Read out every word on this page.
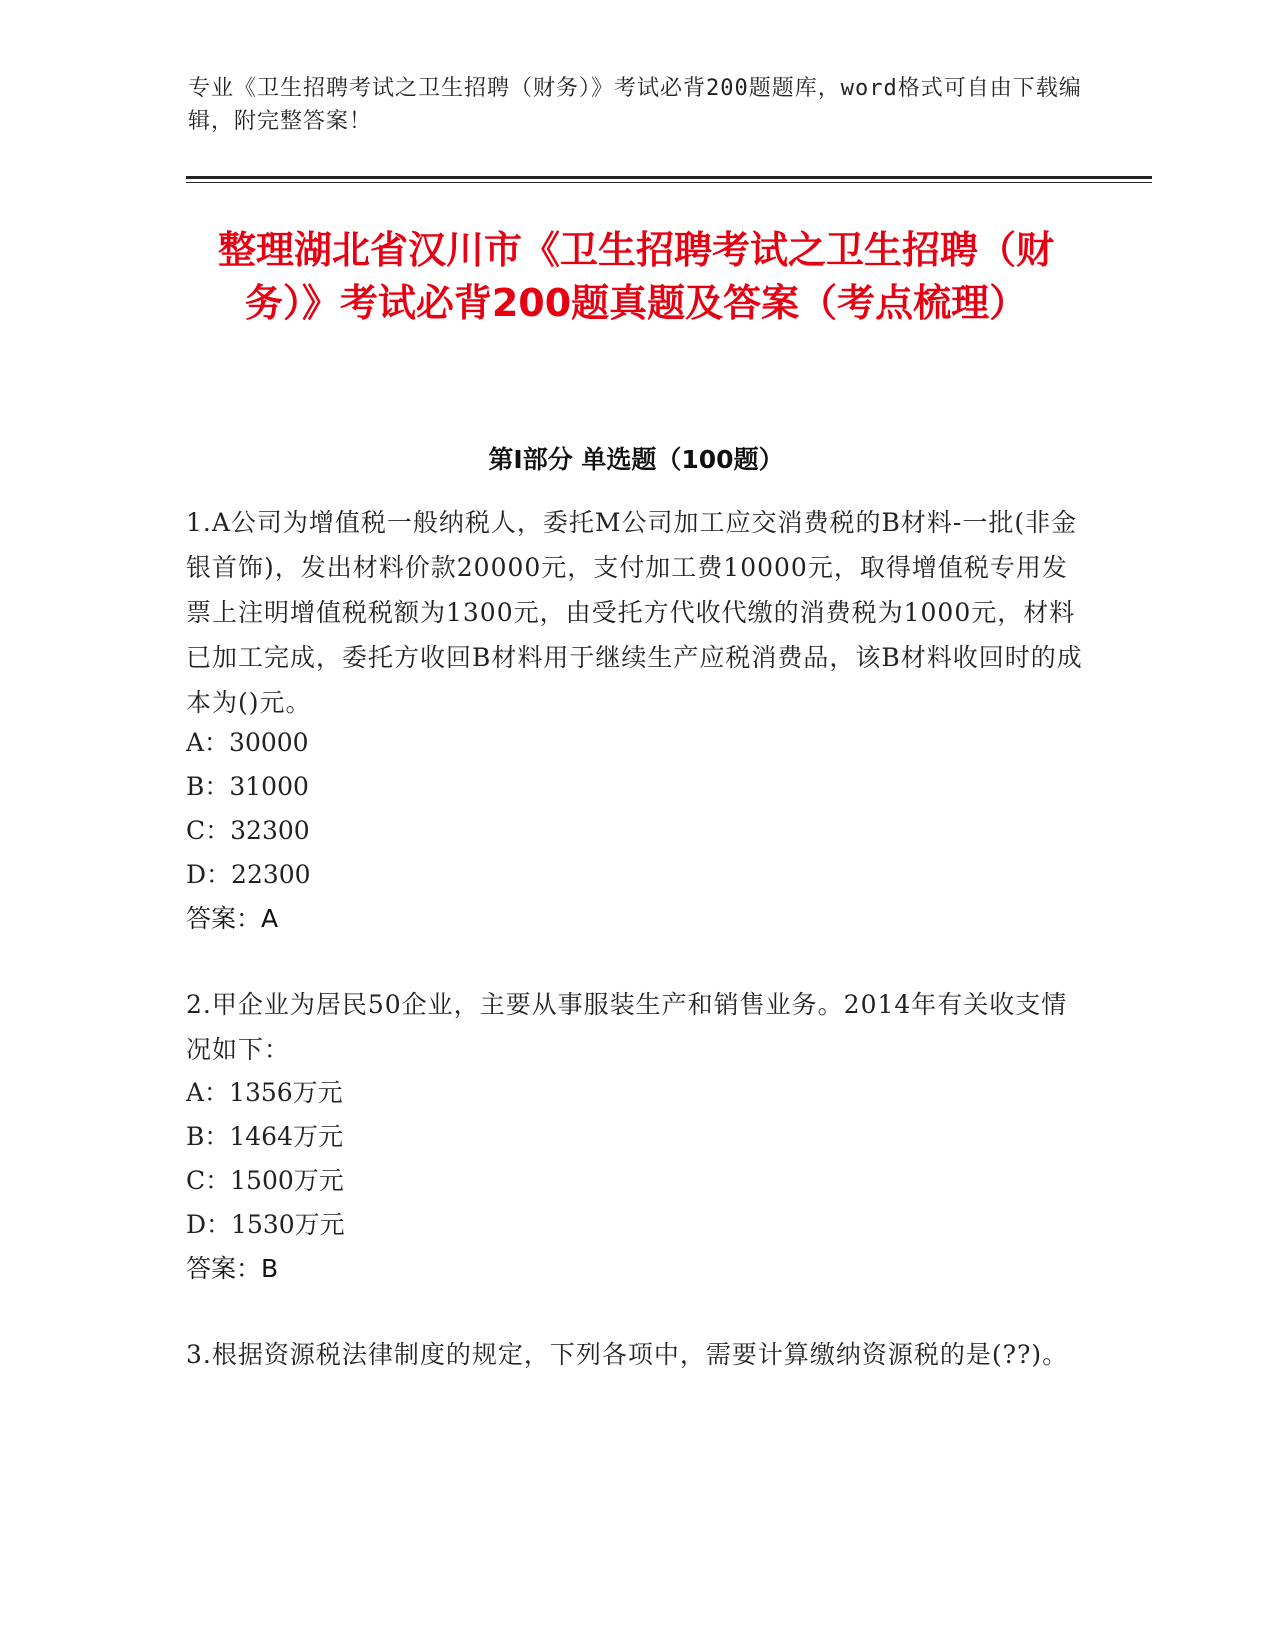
专业《卫生招聘考试之卫生招聘（财务）》考试必背200题题库，word格式可自由下载编辑，附完整答案！
整理湖北省汉川市《卫生招聘考试之卫生招聘（财务）》考试必背200题真题及答案（考点梳理）
第Ⅰ部分 单选题（100题）
1.A公司为增值税一般纳税人，委托M公司加工应交消费税的B材料-一批(非金银首饰)，发出材料价款20000元，支付加工费10000元，取得增值税专用发票上注明增值税税额为1300元，由受托方代收代缴的消费税为1000元，材料已加工完成，委托方收回B材料用于继续生产应税消费品，该B材料收回时的成本为()元。
A：30000
B：31000
C：32300
D：22300
答案：A
2.甲企业为居民50企业，主要从事服装生产和销售业务。2014年有关收支情况如下：
A：1356万元
B：1464万元
C：1500万元
D：1530万元
答案：B
3.根据资源税法律制度的规定，下列各项中，需要计算缴纳资源税的是(??)。
